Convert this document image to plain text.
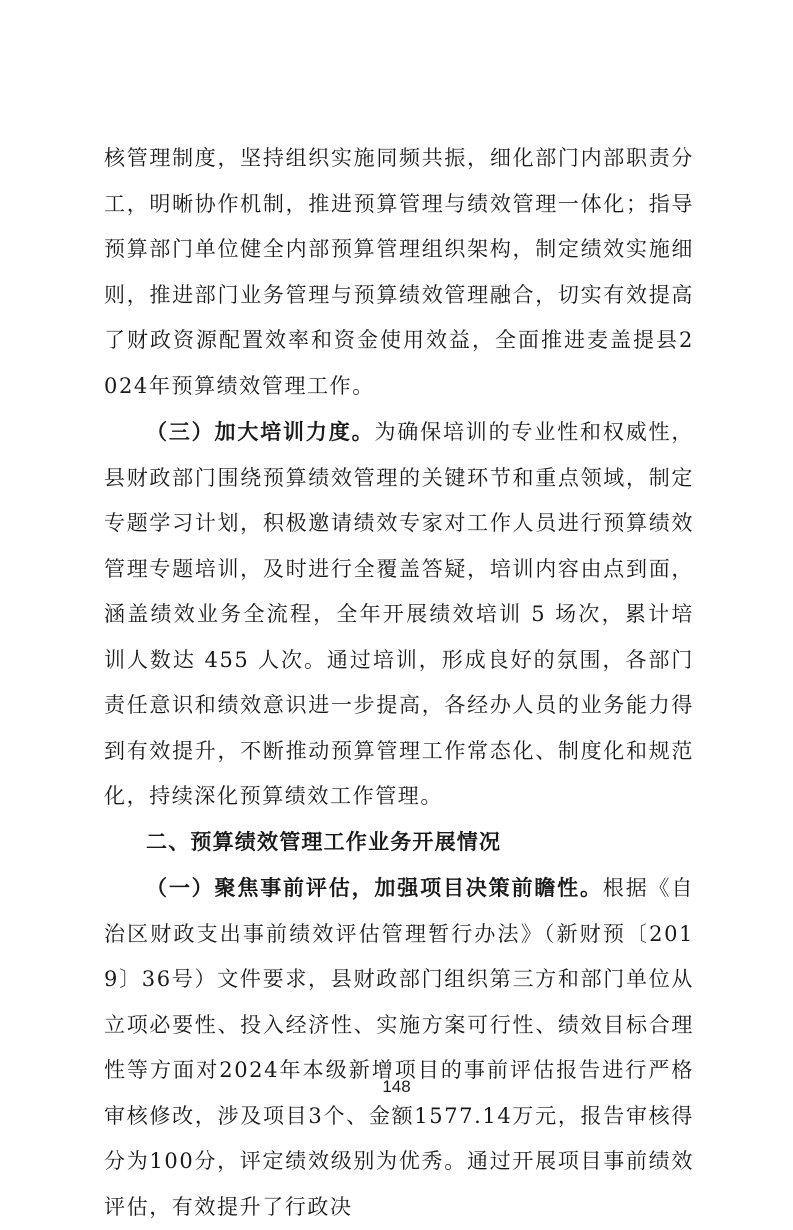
核管理制度，坚持组织实施同频共振，细化部门内部职责分工，明晰协作机制，推进预算管理与绩效管理一体化；指导预算部门单位健全内部预算管理组织架构，制定绩效实施细则，推进部门业务管理与预算绩效管理融合，切实有效提高了财政资源配置效率和资金使用效益，全面推进麦盖提县2024年预算绩效管理工作。

（三）加大培训力度。为确保培训的专业性和权威性，县财政部门围绕预算绩效管理的关键环节和重点领域，制定专题学习计划，积极邀请绩效专家对工作人员进行预算绩效管理专题培训，及时进行全覆盖答疑，培训内容由点到面，涵盖绩效业务全流程，全年开展绩效培训 5 场次，累计培训人数达 455 人次。通过培训，形成良好的氛围，各部门责任意识和绩效意识进一步提高，各经办人员的业务能力得到有效提升，不断推动预算管理工作常态化、制度化和规范化，持续深化预算绩效工作管理。

二、预算绩效管理工作业务开展情况

（一）聚焦事前评估，加强项目决策前瞻性。根据《自治区财政支出事前绩效评估管理暂行办法》（新财预〔2019〕36号）文件要求，县财政部门组织第三方和部门单位从立项必要性、投入经济性、实施方案可行性、绩效目标合理性等方面对2024年本级新增项目的事前评估报告进行严格审核修改，涉及项目3个、金额1577.14万元，报告审核得分为100分，评定绩效级别为优秀。通过开展项目事前绩效评估，有效提升了行政决

148
